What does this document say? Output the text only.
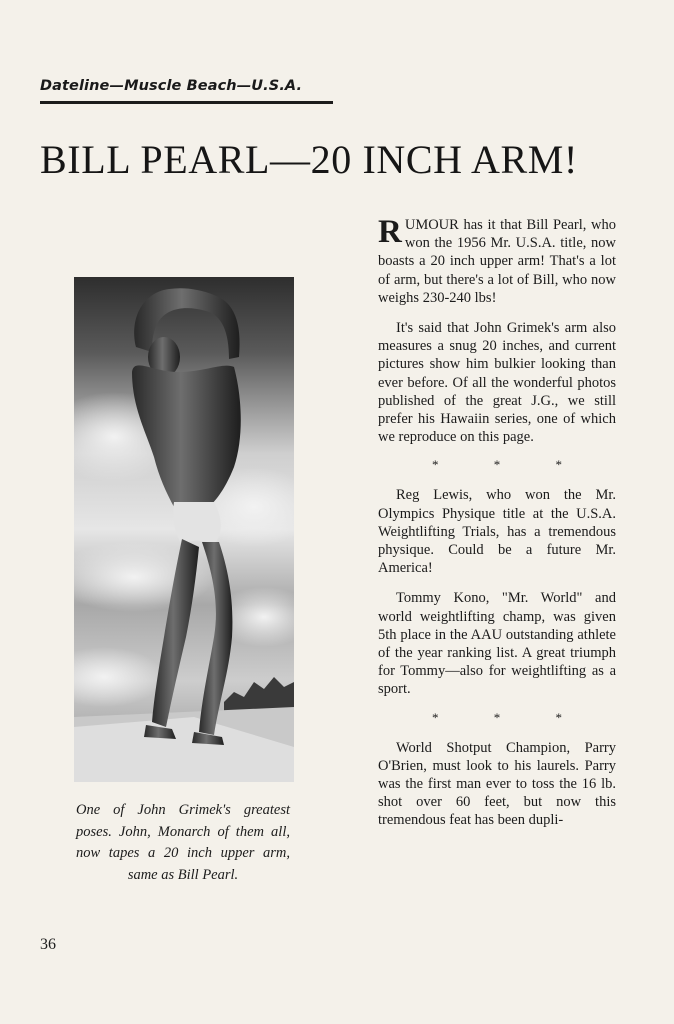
Dateline—Muscle Beach—U.S.A.
BILL PEARL—20 INCH ARM!
One of John Grimek's greatest poses. John, Monarch of them all, now tapes a 20 inch upper arm, same as Bill Pearl.

RUMOUR has it that Bill Pearl, who won the 1956 Mr. U.S.A. title, now boasts a 20 inch upper arm! That's a lot of arm, but there's a lot of Bill, who now weighs 230-240 lbs!

It's said that John Grimek's arm also measures a snug 20 inches, and current pictures show him bulkier looking than ever before. Of all the wonderful photos published of the great J.G., we still prefer his Hawaiin series, one of which we reproduce on this page.

* * *

Reg Lewis, who won the Mr. Olympics Physique title at the U.S.A. Weightlifting Trials, has a tremendous physique. Could be a future Mr. America!

Tommy Kono, "Mr. World" and world weightlifting champ, was given 5th place in the AAU outstanding athlete of the year ranking list. A great triumph for Tommy—also for weightlifting as a sport.

* * *

World Shotput Champion, Parry O'Brien, must look to his laurels. Parry was the first man ever to toss the 16 lb. shot over 60 feet, but now this tremendous feat has been dupli-

36
